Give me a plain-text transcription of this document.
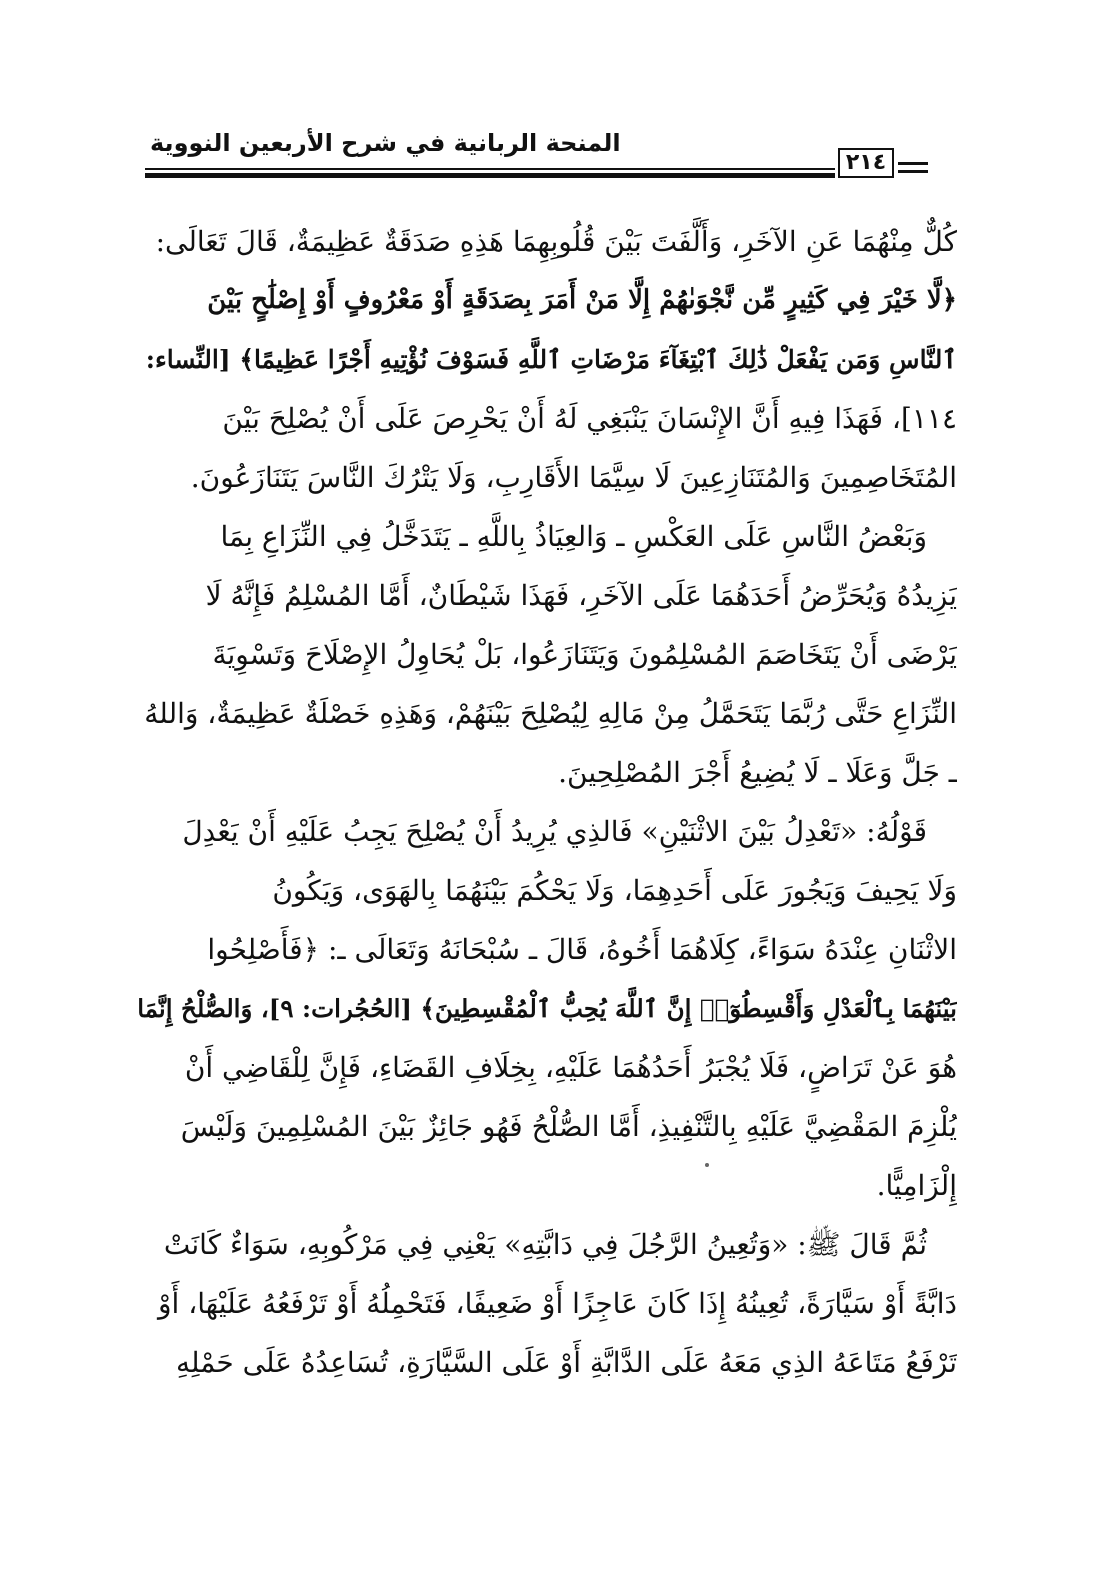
المنحة الربانية في شرح الأربعين النووية
٢١٤
كُلٌّ مِنْهُمَا عَنِ الآخَرِ، وَأَلَّفَتَ بَيْنَ قُلُوبِهِمَا هَذِهِ صَدَقَةٌ عَظِيمَةٌ، قَالَ تَعَالَى:
﴿لَّا خَيْرَ فِي كَثِيرٍ مِّن نَّجْوَىٰهُمْ إِلَّا مَنْ أَمَرَ بِصَدَقَةٍ أَوْ مَعْرُوفٍ أَوْ إِصْلَٰحٍ بَيْنَ
ٱلنَّاسِ وَمَن يَفْعَلْ ذَٰلِكَ ٱبْتِغَآءَ مَرْضَاتِ ٱللَّهِ فَسَوْفَ نُؤْتِيهِ أَجْرًا عَظِيمًا﴾ [النِّساء:
١١٤]، فَهَذَا فِيهِ أَنَّ الإِنْسَانَ يَنْبَغِي لَهُ أَنْ يَحْرِصَ عَلَى أَنْ يُصْلِحَ بَيْنَ
المُتَخَاصِمِينَ وَالمُتَنَازِعِينَ لَا سِيَّمَا الأَقَارِبِ، وَلَا يَتْرُكَ النَّاسَ يَتَنَازَعُونَ.
وَبَعْضُ النَّاسِ عَلَى العَكْسِ ـ وَالعِيَاذُ بِاللَّهِ ـ يَتَدَخَّلُ فِي النِّزَاعِ بِمَا
يَزِيدُهُ وَيُحَرِّضُ أَحَدَهُمَا عَلَى الآخَرِ، فَهَذَا شَيْطَانٌ، أَمَّا المُسْلِمُ فَإِنَّهُ لَا
يَرْضَى أَنْ يَتَخَاصَمَ المُسْلِمُونَ وَيَتَنَازَعُوا، بَلْ يُحَاوِلُ الإِصْلَاحَ وَتَسْوِيَةَ
النِّزَاعِ حَتَّى رُبَّمَا يَتَحَمَّلُ مِنْ مَالِهِ لِيُصْلِحَ بَيْنَهُمْ، وَهَذِهِ خَصْلَةٌ عَظِيمَةٌ، وَاللهُ
ـ جَلَّ وَعَلَا ـ لَا يُضِيعُ أَجْرَ المُصْلِحِينَ.
قَوْلُهُ: «تَعْدِلُ بَيْنَ الاثْنَيْنِ» فَالذِي يُرِيدُ أَنْ يُصْلِحَ يَجِبُ عَلَيْهِ أَنْ يَعْدِلَ
وَلَا يَحِيفَ وَيَجُورَ عَلَى أَحَدِهِمَا، وَلَا يَحْكُمَ بَيْنَهُمَا بِالهَوَى، وَيَكُونُ
الاثْنَانِ عِنْدَهُ سَوَاءً، كِلَاهُمَا أَخُوهُ، قَالَ ـ سُبْحَانَهُ وَتَعَالَى ـ: ﴿فَأَصْلِحُوا
بَيْنَهُمَا بِٱلْعَدْلِ وَأَقْسِطُوٓا۟ إِنَّ ٱللَّهَ يُحِبُّ ٱلْمُقْسِطِينَ﴾ [الحُجُرات: ٩]، وَالصُّلْحُ إِنَّمَا
هُوَ عَنْ تَرَاضٍ، فَلَا يُجْبَرُ أَحَدُهُمَا عَلَيْهِ، بِخِلَافِ القَضَاءِ، فَإِنَّ لِلْقَاضِي أَنْ
يُلْزِمَ المَقْضِيَّ عَلَيْهِ بِالتَّنْفِيذِ، أَمَّا الصُّلْحُ فَهُو جَائِزٌ بَيْنَ المُسْلِمِينَ وَلَيْسَ
إِلْزَامِيًّا.
ثُمَّ قَالَ ﷺ: «وَتُعِينُ الرَّجُلَ فِي دَابَّتِهِ» يَعْنِي فِي مَرْكُوبِهِ، سَوَاءٌ كَانَتْ
دَابَّةً أَوْ سَيَّارَةً، تُعِينُهُ إِذَا كَانَ عَاجِزًا أَوْ ضَعِيفًا، فَتَحْمِلُهُ أَوْ تَرْفَعُهُ عَلَيْهَا، أَوْ
تَرْفَعُ مَتَاعَهُ الذِي مَعَهُ عَلَى الدَّابَّةِ أَوْ عَلَى السَّيَّارَةِ، تُسَاعِدُهُ عَلَى حَمْلِهِ
